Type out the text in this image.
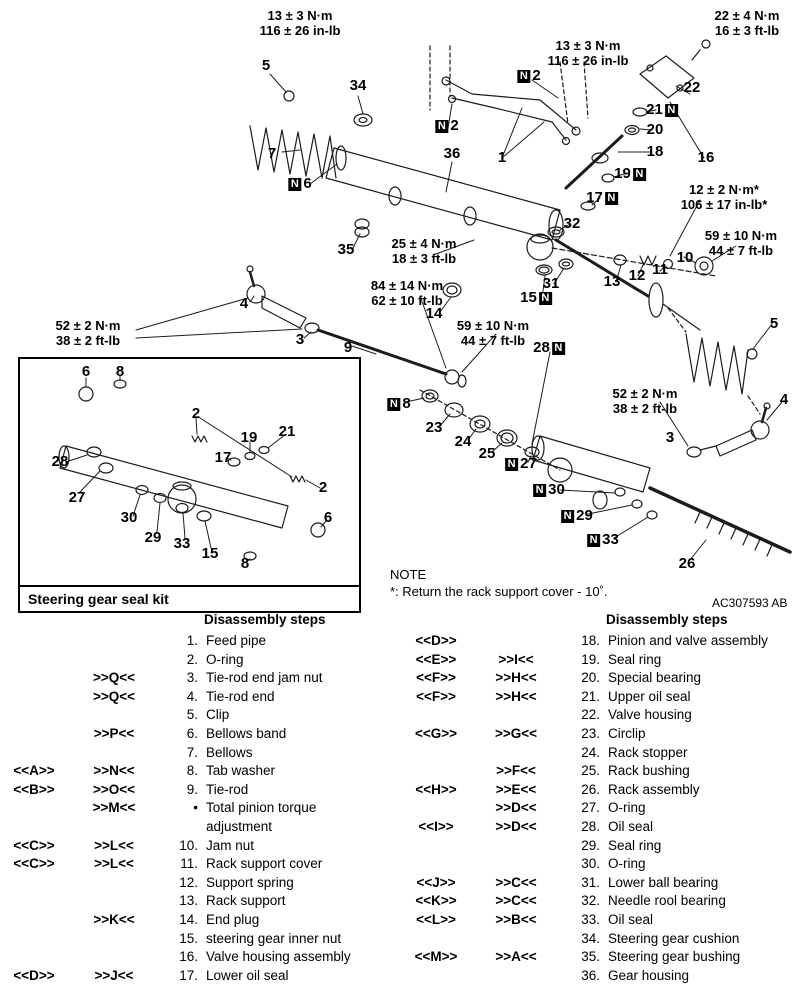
Steering gear seal kit
13 ± 3 N·m
116 ± 26 in-lb
13 ± 3 N·m
116 ± 26 in-lb
22 ± 4 N·m
16 ± 3 ft-lb
12 ± 2 N·m*
106 ± 17 in-lb*
59 ± 10 N·m
44 ± 7 ft-lb
25 ± 4 N·m
18 ± 3 ft-lb
84 ± 14 N·m
62 ± 10 ft-lb
59 ± 10 N·m
44 ± 7 ft-lb
52 ± 2 N·m
38 ± 2 ft-lb
52 ± 2 N·m
38 ± 2 ft-lb
5
34
7
N 6
36 1
N 2
N 2
22
21 N
20
18
19 N
16
17 N
32
35	10
11
12
13
31
15 N
14
4
3	9	28 N
5
N 8
23
24
25
N 27
N 30
N 29
N 33
26
3
4
6 8
2
28
27
19 21
17
2
30
29 33
15
6
8
NOTE
*: Return the rack support cover - 10˚.
AC307593 AB
Disassembly steps
1. Feed pipe
2. O-ring
>>Q<<	3. Tie-rod end jam nut
>>Q<<	4. Tie-rod end
5. Clip
>>P<<	6. Bellows band
7. Bellows
<<A>>	>>N<<	8. Tab washer
<<B>>	>>O<<	9. Tie-rod
>>M<<	• Total pinion torque adjustment
<<C>>	>>L<<	10. Jam nut
<<C>>	>>L<<	11. Rack support cover
12. Support spring
13. Rack support
>>K<<	14. End plug
15. steering gear inner nut
16. Valve housing assembly
<<D>>	>>J<<	17. Lower oil seal
Disassembly steps
<<D>>	18. Pinion and valve assembly
<<E>>	>>I<<	19. Seal ring
<<F>>	>>H<<	20. Special bearing
<<F>>	>>H<<	21. Upper oil seal
22. Valve housing
<<G>>	>>G<<	23. Circlip
24. Rack stopper
>>F<<	25. Rack bushing
<<H>>	>>E<<	26. Rack assembly
>>D<<	27. O-ring
<<I>>	>>D<<	28. Oil seal
29. Seal ring
30. O-ring
<<J>>	>>C<<	31. Lower ball bearing
<<K>>	>>C<<	32. Needle rool bearing
<<L>>	>>B<<	33. Oil seal
34. Steering gear cushion
<<M>>	>>A<<	35. Steering gear bushing
36. Gear housing
